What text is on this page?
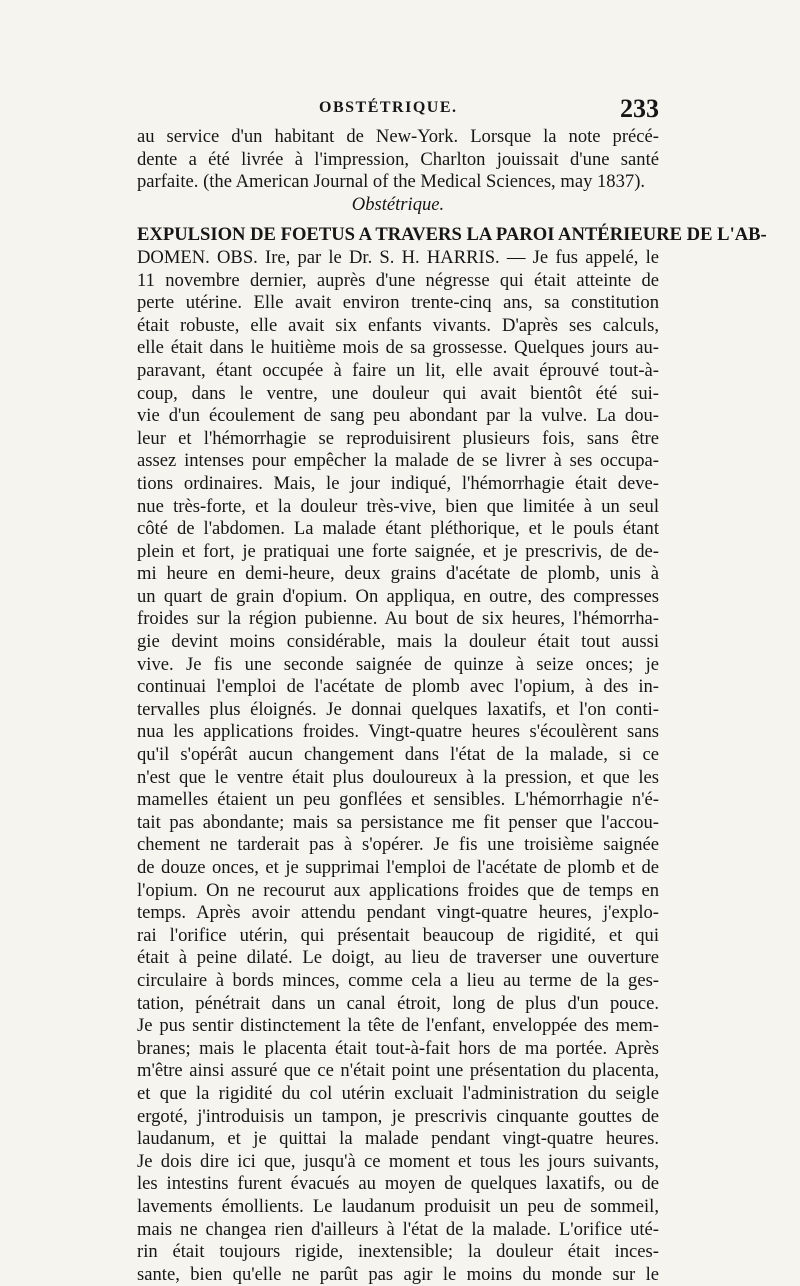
OBSTÉTRIQUE.	233
au service d'un habitant de New-York. Lorsque la note précé-
dente a été livrée à l'impression, Charlton jouissait d'une santé
parfaite. (the American Journal of the Medical Sciences, may 1837).
Obstétrique.
EXPULSION DE FOETUS A TRAVERS LA PAROI ANTÉRIEURE DE L'AB-
DOMEN. OBS. Ire, par le Dr. S. H. HARRIS. — Je fus appelé, le
11 novembre dernier, auprès d'une négresse qui était atteinte de
perte utérine. Elle avait environ trente-cinq ans, sa constitution
était robuste, elle avait six enfants vivants. D'après ses calculs,
elle était dans le huitième mois de sa grossesse. Quelques jours au-
paravant, étant occupée à faire un lit, elle avait éprouvé tout-à-
coup, dans le ventre, une douleur qui avait bientôt été sui-
vie d'un écoulement de sang peu abondant par la vulve. La dou-
leur et l'hémorrhagie se reproduisirent plusieurs fois, sans être
assez intenses pour empêcher la malade de se livrer à ses occupa-
tions ordinaires. Mais, le jour indiqué, l'hémorrhagie était deve-
nue très-forte, et la douleur très-vive, bien que limitée à un seul
côté de l'abdomen. La malade étant pléthorique, et le pouls étant
plein et fort, je pratiquai une forte saignée, et je prescrivis, de de-
mi heure en demi-heure, deux grains d'acétate de plomb, unis à
un quart de grain d'opium. On appliqua, en outre, des compresses
froides sur la région pubienne. Au bout de six heures, l'hémorrha-
gie devint moins considérable, mais la douleur était tout aussi
vive. Je fis une seconde saignée de quinze à seize onces; je
continuai l'emploi de l'acétate de plomb avec l'opium, à des in-
tervalles plus éloignés. Je donnai quelques laxatifs, et l'on conti-
nua les applications froides. Vingt-quatre heures s'écoulèrent sans
qu'il s'opérât aucun changement dans l'état de la malade, si ce
n'est que le ventre était plus douloureux à la pression, et que les
mamelles étaient un peu gonflées et sensibles. L'hémorrhagie n'é-
tait pas abondante; mais sa persistance me fit penser que l'accou-
chement ne tarderait pas à s'opérer. Je fis une troisième saignée
de douze onces, et je supprimai l'emploi de l'acétate de plomb et de
l'opium. On ne recourut aux applications froides que de temps en
temps. Après avoir attendu pendant vingt-quatre heures, j'explo-
rai l'orifice utérin, qui présentait beaucoup de rigidité, et qui
était à peine dilaté. Le doigt, au lieu de traverser une ouverture
circulaire à bords minces, comme cela a lieu au terme de la ges-
tation, pénétrait dans un canal étroit, long de plus d'un pouce.
Je pus sentir distinctement la tête de l'enfant, enveloppée des mem-
branes; mais le placenta était tout-à-fait hors de ma portée. Après
m'être ainsi assuré que ce n'était point une présentation du placenta,
et que la rigidité du col utérin excluait l'administration du seigle
ergoté, j'introduisis un tampon, je prescrivis cinquante gouttes de
laudanum, et je quittai la malade pendant vingt-quatre heures.
Je dois dire ici que, jusqu'à ce moment et tous les jours suivants,
les intestins furent évacués au moyen de quelques laxatifs, ou de
lavements émollients. Le laudanum produisit un peu de sommeil,
mais ne changea rien d'ailleurs à l'état de la malade. L'orifice uté-
rin était toujours rigide, inextensible; la douleur était inces-
sante, bien qu'elle ne parût pas agir le moins du monde sur le
